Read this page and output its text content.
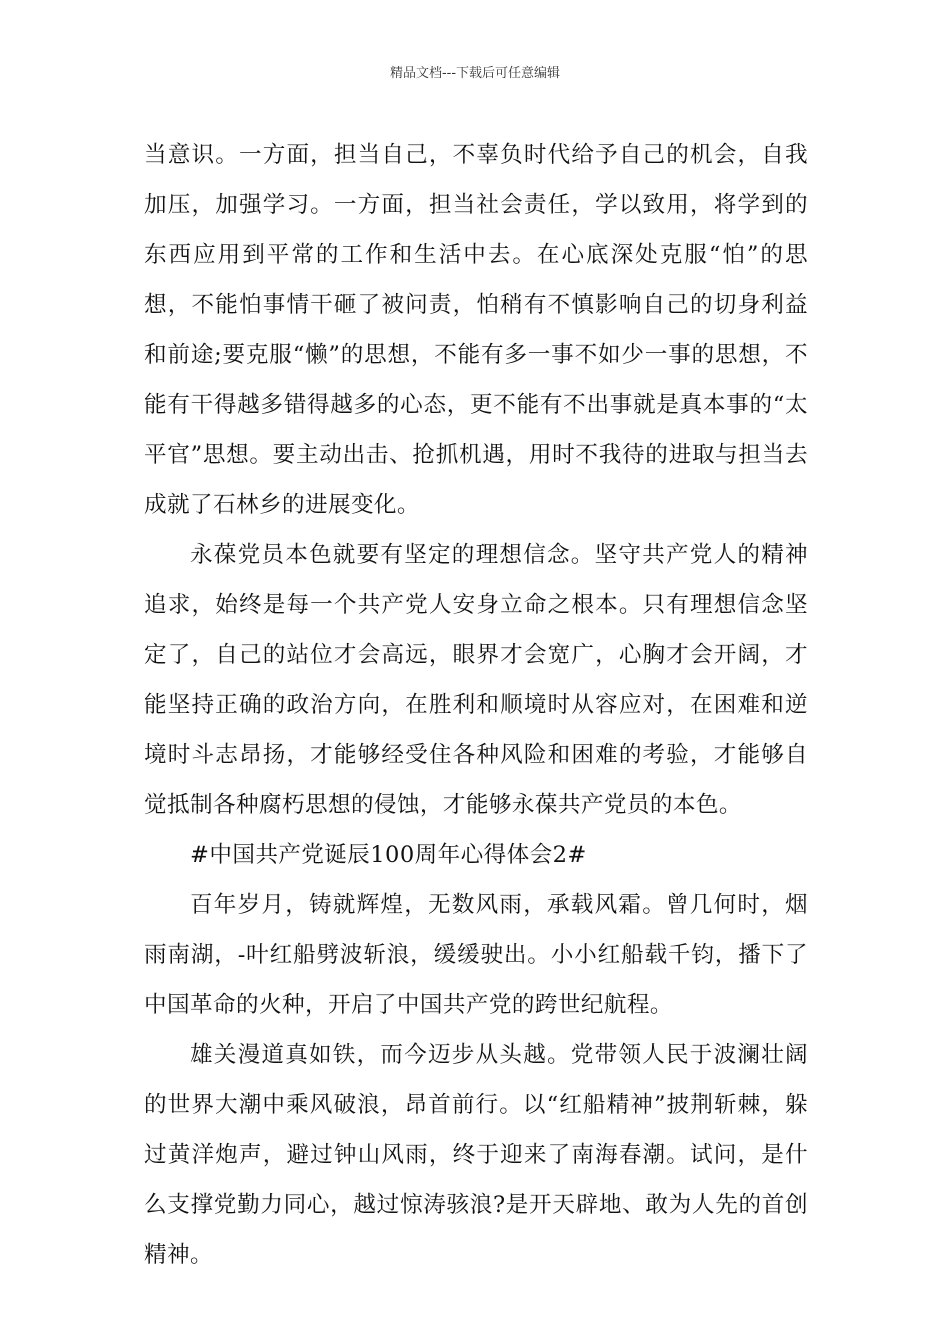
精品文档---下载后可任意编辑

当意识。一方面，担当自己，不辜负时代给予自己的机会，自我加压，加强学习。一方面，担当社会责任，学以致用，将学到的东西应用到平常的工作和生活中去。在心底深处克服“怕”的思想，不能怕事情干砸了被问责，怕稍有不慎影响自己的切身利益和前途;要克服“懒”的思想，不能有多一事不如少一事的思想，不能有干得越多错得越多的心态，更不能有不出事就是真本事的“太平官”思想。要主动出击、抢抓机遇，用时不我待的进取与担当去成就了石林乡的进展变化。

永葆党员本色就要有坚定的理想信念。坚守共产党人的精神追求，始终是每一个共产党人安身立命之根本。只有理想信念坚定了，自己的站位才会高远，眼界才会宽广，心胸才会开阔，才能坚持正确的政治方向，在胜利和顺境时从容应对，在困难和逆境时斗志昂扬，才能够经受住各种风险和困难的考验，才能够自觉抵制各种腐朽思想的侵蚀，才能够永葆共产党员的本色。

#中国共产党诞辰100周年心得体会2#

百年岁月，铸就辉煌，无数风雨，承载风霜。曾几何时，烟雨南湖，-叶红船劈波斩浪，缓缓驶出。小小红船载千钧，播下了中国革命的火种，开启了中国共产党的跨世纪航程。

雄关漫道真如铁，而今迈步从头越。党带领人民于波澜壮阔的世界大潮中乘风破浪，昂首前行。以“红船精神”披荆斩棘，躲过黄洋炮声，避过钟山风雨，终于迎来了南海春潮。试问，是什么支撑党勤力同心，越过惊涛骇浪?是开天辟地、敢为人先的首创精神。
